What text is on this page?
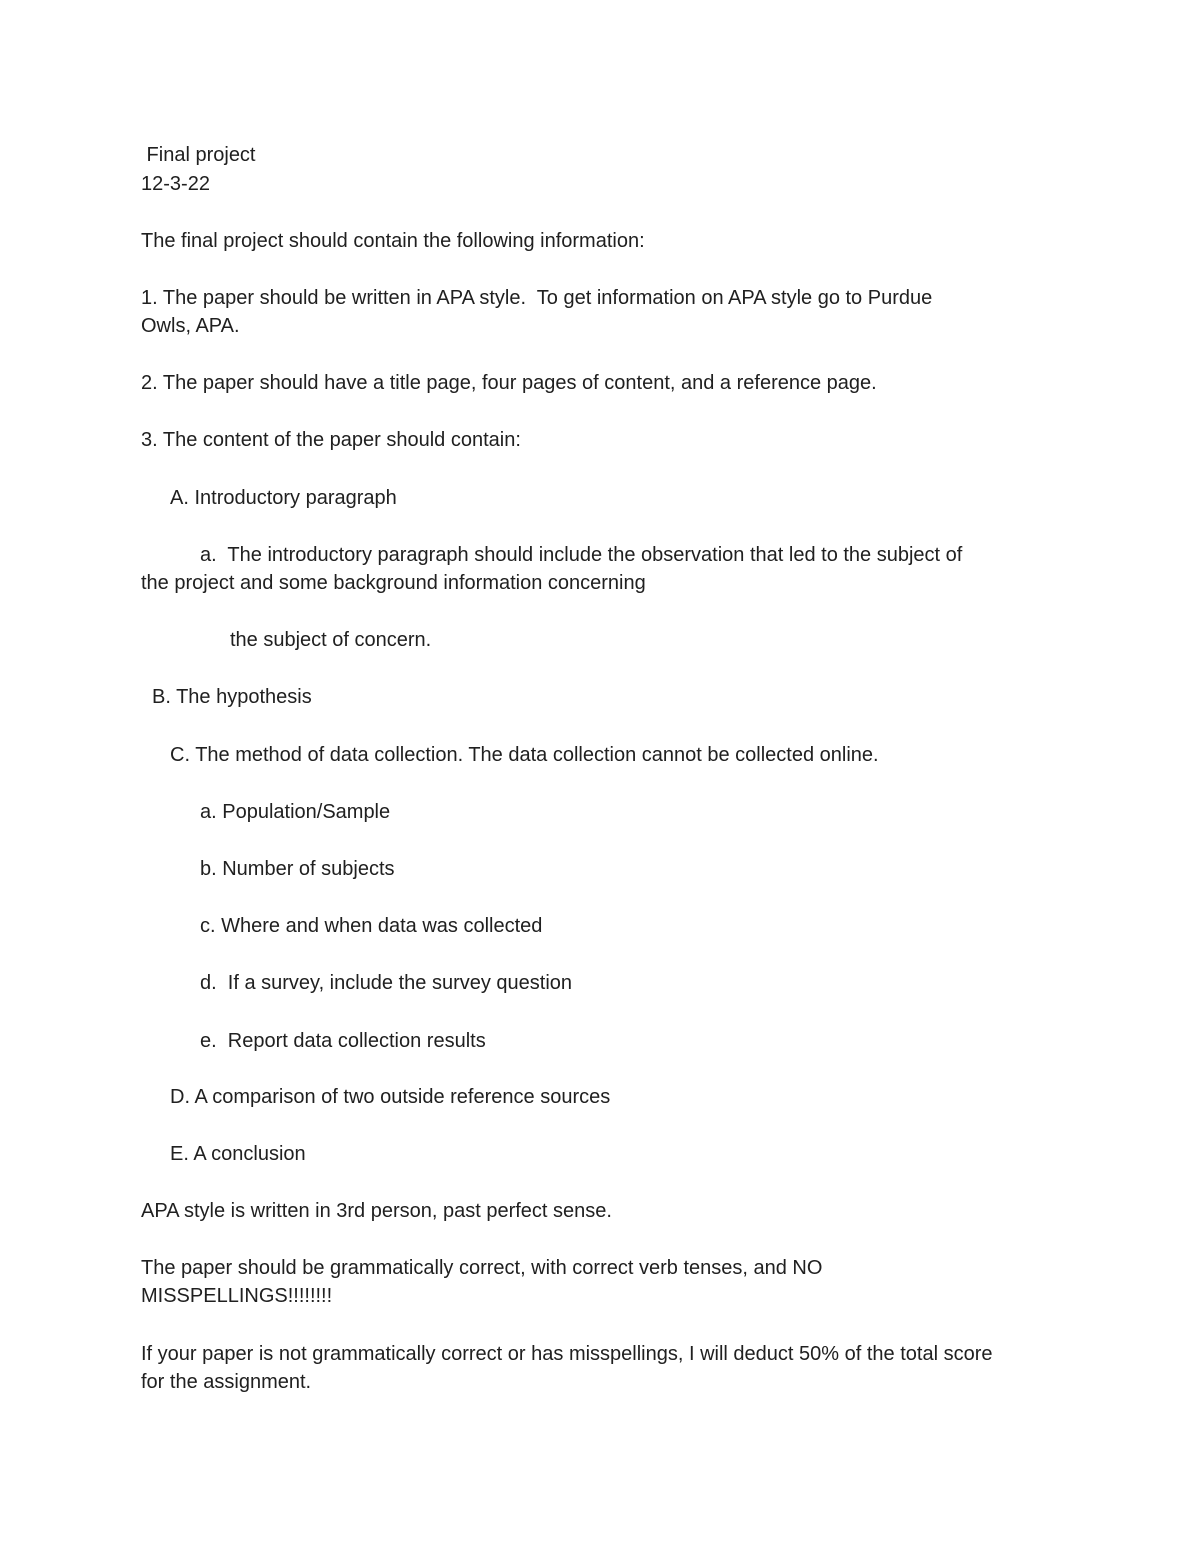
Final project
12-3-22
The final project should contain the following information:
1. The paper should be written in APA style.  To get information on APA style go to Purdue
Owls, APA.
2. The paper should have a title page, four pages of content, and a reference page.
3. The content of the paper should contain:
A. Introductory paragraph
a.  The introductory paragraph should include the observation that led to the subject of
the project and some background information concerning
the subject of concern.
B. The hypothesis
C. The method of data collection. The data collection cannot be collected online.
a. Population/Sample
b. Number of subjects
c. Where and when data was collected
d.  If a survey, include the survey question
e.  Report data collection results
D. A comparison of two outside reference sources
E. A conclusion
APA style is written in 3rd person, past perfect sense.
The paper should be grammatically correct, with correct verb tenses, and NO
MISSPELLINGS!!!!!!!!
If your paper is not grammatically correct or has misspellings, I will deduct 50% of the total score
for the assignment.
